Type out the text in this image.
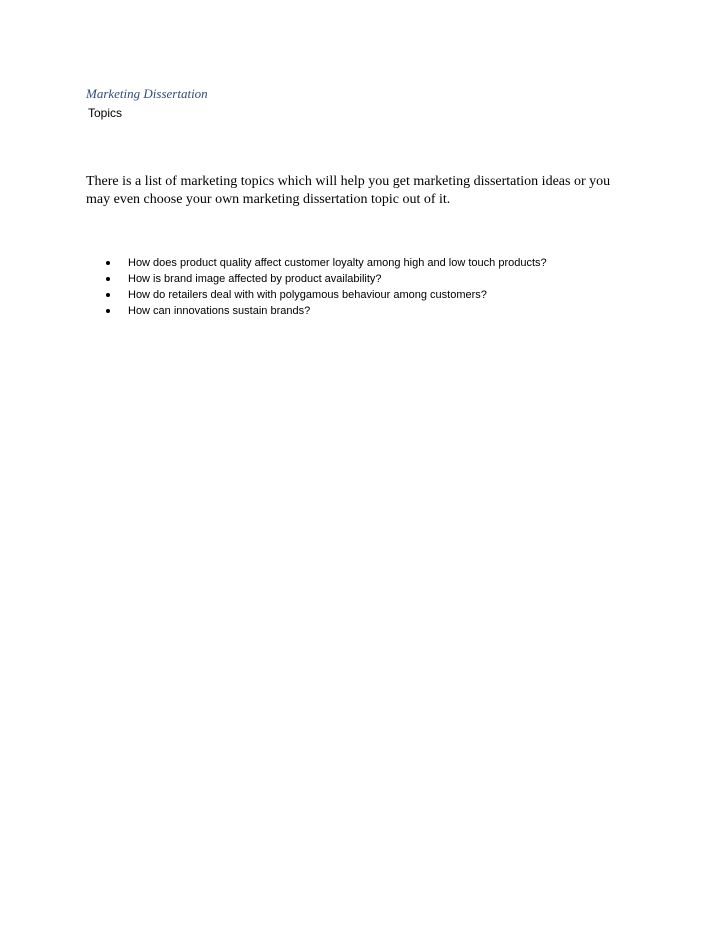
Marketing Dissertation

Topics

There is a list of marketing topics which will help you get marketing dissertation ideas or you
may even choose your own marketing dissertation topic out of it.

How does product quality affect customer loyalty among high and low touch products?
How is brand image affected by product availability?
How do retailers deal with with polygamous behaviour among customers?
How can innovations sustain brands?
